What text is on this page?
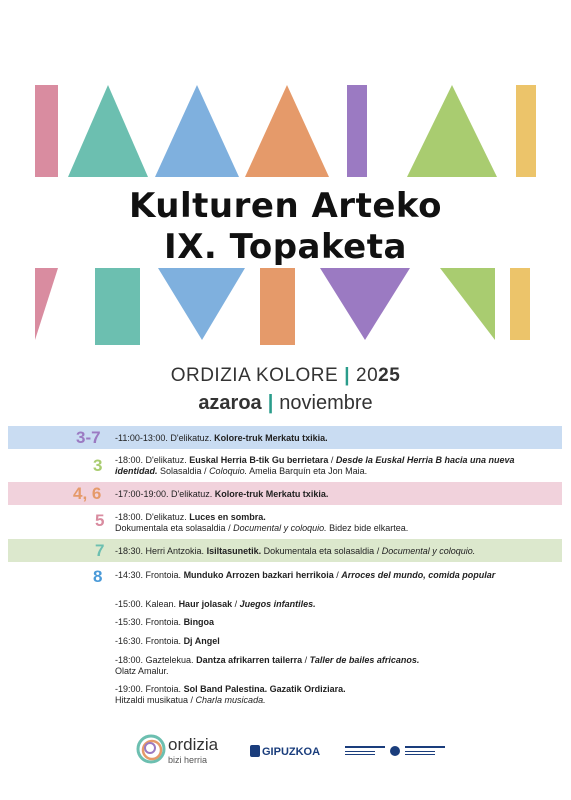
Kulturen Arteko
IX. Topaketa
ORDIZIA KOLORE | 2025
azaroa | noviembre
3-7 -11:00-13:00. D'elikatuz. Kolore-truk Merkatu txikia.
3 -18:00. D'elikatuz. Euskal Herria B-tik Gu berrietara / Desde la Euskal Herria B hacia una nueva identidad. Solasaldia / Coloquio. Amelia Barquín eta Jon Maia.
4, 6 -17:00-19:00. D'elikatuz. Kolore-truk Merkatu txikia.
5 -18:00. D'elikatuz. Luces en sombra.
Dokumentala eta solasaldia / Documental y coloquio. Bidez bide elkartea.
7 -18:30. Herri Antzokia. Isiltasunetik. Dokumentala eta solasaldia / Documental y coloquio.
8 -14:30. Frontoia. Munduko Arrozen bazkari herrikoia / Arroces del mundo, comida popular
-15:00. Kalean. Haur jolasak / Juegos infantiles.
-15:30. Frontoia. Bingoa
-16:30. Frontoia. Dj Angel
-18:00. Gaztelekua. Dantza afrikarren tailerra / Taller de bailes africanos.
Olatz Amalur.
-19:00. Frontoia. Sol Band Palestina. Gazatik Ordiziara.
Hitzaldi musikatua / Charla musicada.
ordizia
bizi herria
GIPUZKOA
